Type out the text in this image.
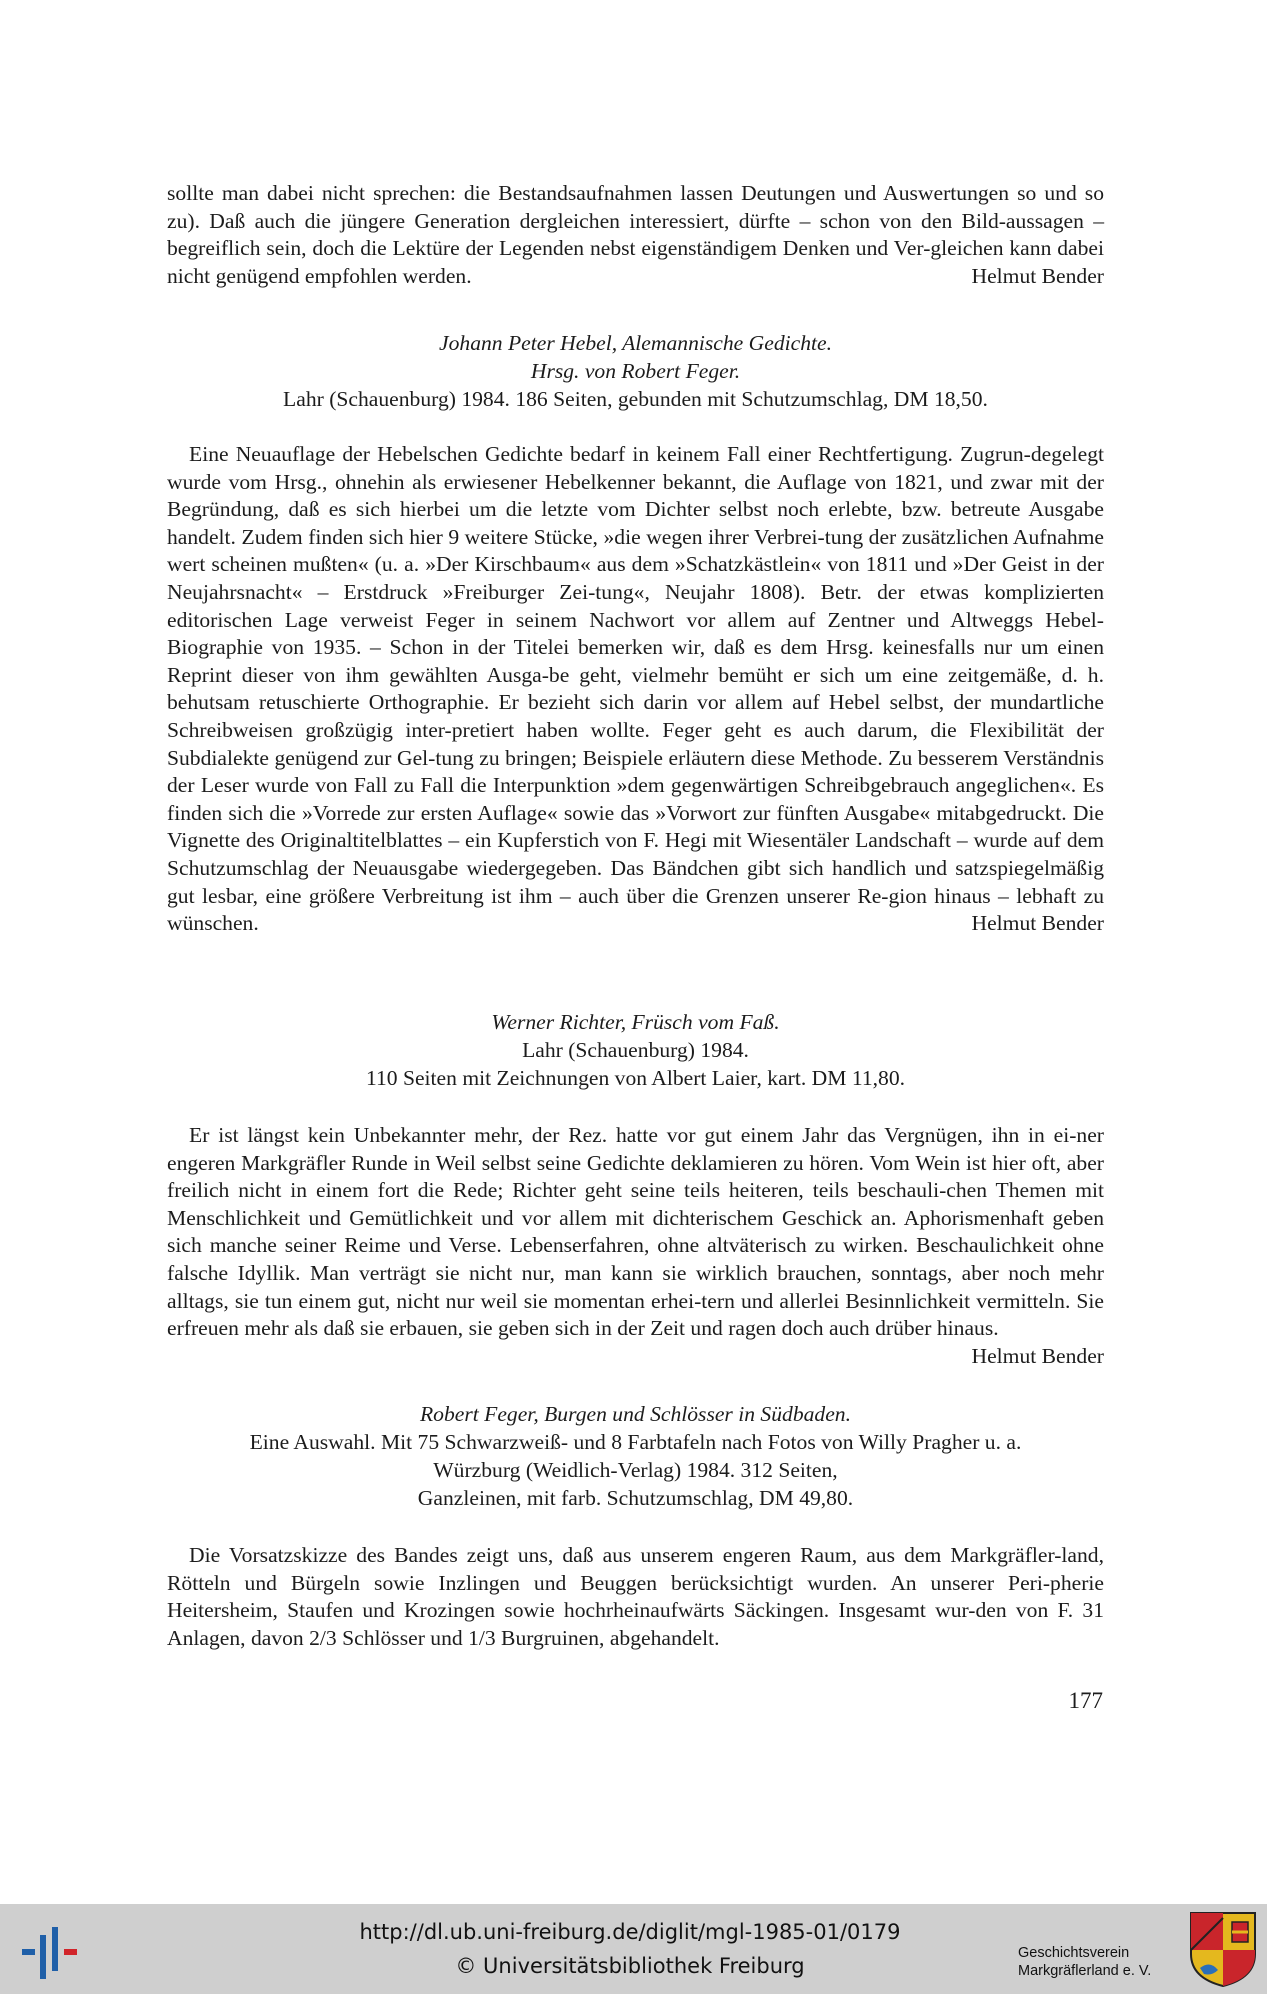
sollte man dabei nicht sprechen: die Bestandsaufnahmen lassen Deutungen und Auswertungen so und so zu). Daß auch die jüngere Generation dergleichen interessiert, dürfte – schon von den Bild-aussagen – begreiflich sein, doch die Lektüre der Legenden nebst eigenständigem Denken und Ver-gleichen kann dabei nicht genügend empfohlen werden.	Helmut Bender

Johann Peter Hebel, Alemannische Gedichte.
Hrsg. von Robert Feger.
Lahr (Schauenburg) 1984. 186 Seiten, gebunden mit Schutzumschlag, DM 18,50.

Eine Neuauflage der Hebelschen Gedichte bedarf in keinem Fall einer Rechtfertigung. Zugrun-degelegt wurde vom Hrsg., ohnehin als erwiesener Hebelkenner bekannt, die Auflage von 1821, und zwar mit der Begründung, daß es sich hierbei um die letzte vom Dichter selbst noch erlebte, bzw. betreute Ausgabe handelt. Zudem finden sich hier 9 weitere Stücke, »die wegen ihrer Verbrei-tung der zusätzlichen Aufnahme wert scheinen mußten« (u. a. »Der Kirschbaum« aus dem »Schatzkästlein« von 1811 und »Der Geist in der Neujahrsnacht« – Erstdruck »Freiburger Zei-tung«, Neujahr 1808). Betr. der etwas komplizierten editorischen Lage verweist Feger in seinem Nachwort vor allem auf Zentner und Altweggs Hebel-Biographie von 1935. – Schon in der Titelei bemerken wir, daß es dem Hrsg. keinesfalls nur um einen Reprint dieser von ihm gewählten Ausga-be geht, vielmehr bemüht er sich um eine zeitgemäße, d. h. behutsam retuschierte Orthographie. Er bezieht sich darin vor allem auf Hebel selbst, der mundartliche Schreibweisen großzügig inter-pretiert haben wollte. Feger geht es auch darum, die Flexibilität der Subdialekte genügend zur Gel-tung zu bringen; Beispiele erläutern diese Methode. Zu besserem Verständnis der Leser wurde von Fall zu Fall die Interpunktion »dem gegenwärtigen Schreibgebrauch angeglichen«. Es finden sich die »Vorrede zur ersten Auflage« sowie das »Vorwort zur fünften Ausgabe« mitabgedruckt. Die Vignette des Originaltitelblattes – ein Kupferstich von F. Hegi mit Wiesentäler Landschaft – wurde auf dem Schutzumschlag der Neuausgabe wiedergegeben. Das Bändchen gibt sich handlich und satzspiegelmäßig gut lesbar, eine größere Verbreitung ist ihm – auch über die Grenzen unserer Re-gion hinaus – lebhaft zu wünschen.	Helmut Bender

Werner Richter, Früsch vom Faß.
Lahr (Schauenburg) 1984.
110 Seiten mit Zeichnungen von Albert Laier, kart. DM 11,80.

Er ist längst kein Unbekannter mehr, der Rez. hatte vor gut einem Jahr das Vergnügen, ihn in ei-ner engeren Markgräfler Runde in Weil selbst seine Gedichte deklamieren zu hören. Vom Wein ist hier oft, aber freilich nicht in einem fort die Rede; Richter geht seine teils heiteren, teils beschauli-chen Themen mit Menschlichkeit und Gemütlichkeit und vor allem mit dichterischem Geschick an. Aphorismenhaft geben sich manche seiner Reime und Verse. Lebenserfahren, ohne altväterisch zu wirken. Beschaulichkeit ohne falsche Idyllik. Man verträgt sie nicht nur, man kann sie wirklich brauchen, sonntags, aber noch mehr alltags, sie tun einem gut, nicht nur weil sie momentan erhei-tern und allerlei Besinnlichkeit vermitteln. Sie erfreuen mehr als daß sie erbauen, sie geben sich in der Zeit und ragen doch auch drüber hinaus.
Helmut Bender

Robert Feger, Burgen und Schlösser in Südbaden.
Eine Auswahl. Mit 75 Schwarzweiß- und 8 Farbtafeln nach Fotos von Willy Pragher u. a.
Würzburg (Weidlich-Verlag) 1984. 312 Seiten,
Ganzleinen, mit farb. Schutzumschlag, DM 49,80.

Die Vorsatzskizze des Bandes zeigt uns, daß aus unserem engeren Raum, aus dem Markgräfler-land, Rötteln und Bürgeln sowie Inzlingen und Beuggen berücksichtigt wurden. An unserer Peri-pherie Heitersheim, Staufen und Krozingen sowie hochrheinaufwärts Säckingen. Insgesamt wur-den von F. 31 Anlagen, davon 2/3 Schlösser und 1/3 Burgruinen, abgehandelt.

177
http://dl.ub.uni-freiburg.de/diglit/mgl-1985-01/0179
© Universitätsbibliothek Freiburg
Geschichtsverein
Markgräflerland e. V.
